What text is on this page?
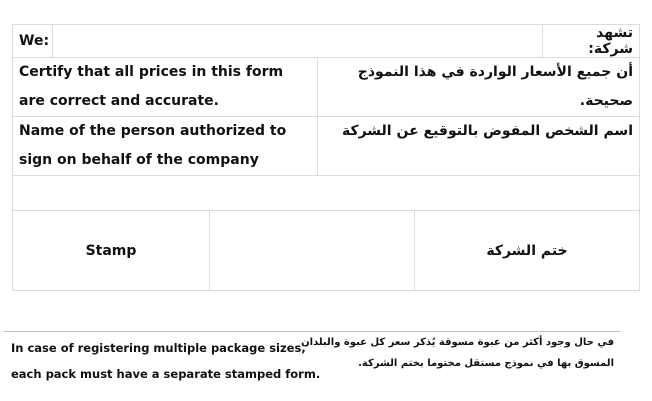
We:					تشهد شركة:
Certify that all prices in this form are correct and accurate.			أن جميع الأسعار الواردة في هذا النموذج صحيحة.		
Name of the person authorized to sign on behalf of the company			اسم الشخص المفوض بالتوقيع عن الشركة		

Stamp				ختم الشركة	
In case of registering multiple package sizes,
each pack must have a separate stamped form.
في حال وجود أكثر من عبوة مسوقة يُذكر سعر كل عبوة والبلدان
المسوق بها في نموذج مستقل مختوما بختم الشركة.
